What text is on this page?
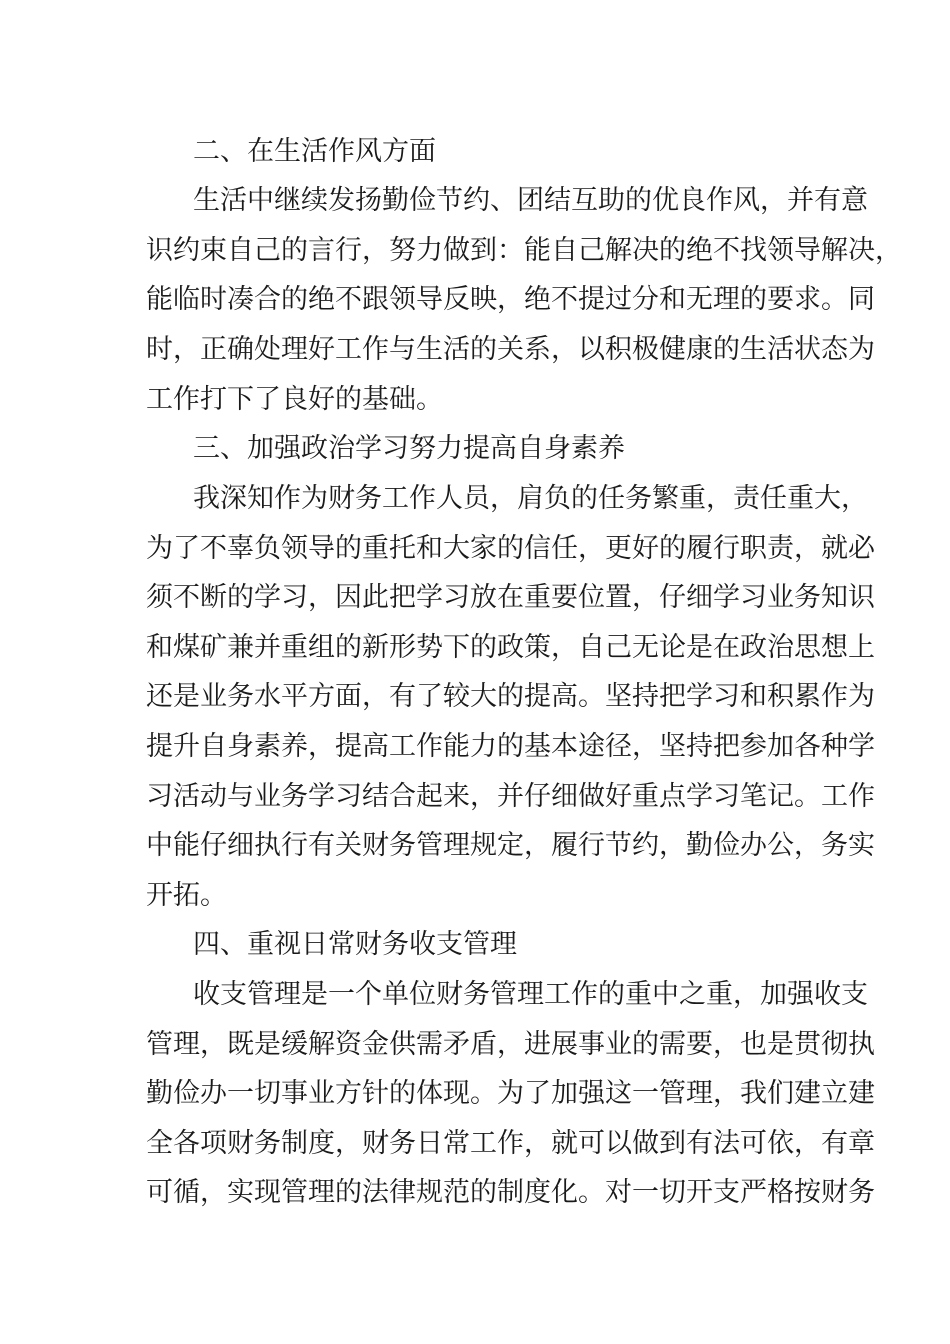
二、在生活作风方面
生活中继续发扬勤俭节约、团结互助的优良作风，并有意
识约束自己的言行，努力做到：能自己解决的绝不找领导解决，
能临时凑合的绝不跟领导反映，绝不提过分和无理的要求。同
时，正确处理好工作与生活的关系，以积极健康的生活状态为
工作打下了良好的基础。
三、加强政治学习努力提高自身素养
我深知作为财务工作人员，肩负的任务繁重，责任重大，
为了不辜负领导的重托和大家的信任，更好的履行职责，就必
须不断的学习，因此把学习放在重要位置，仔细学习业务知识
和煤矿兼并重组的新形势下的政策，自己无论是在政治思想上
还是业务水平方面，有了较大的提高。坚持把学习和积累作为
提升自身素养，提高工作能力的基本途径，坚持把参加各种学
习活动与业务学习结合起来，并仔细做好重点学习笔记。工作
中能仔细执行有关财务管理规定，履行节约，勤俭办公，务实
开拓。
四、重视日常财务收支管理
收支管理是一个单位财务管理工作的重中之重，加强收支
管理，既是缓解资金供需矛盾，进展事业的需要，也是贯彻执
勤俭办一切事业方针的体现。为了加强这一管理，我们建立建
全各项财务制度，财务日常工作，就可以做到有法可依，有章
可循，实现管理的法律规范的制度化。对一切开支严格按财务
